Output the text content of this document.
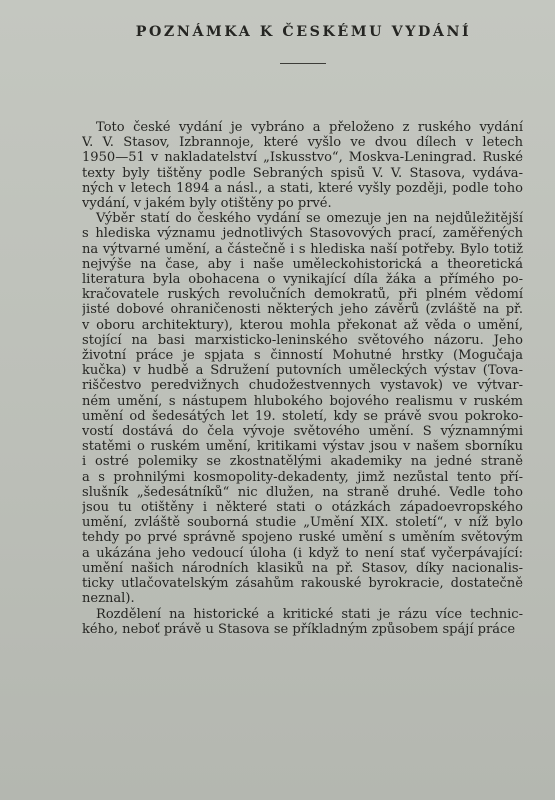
POZNÁMKA K ČESKÉMU VYDÁNÍ

Toto české vydání je vybráno a přeloženo z ruského vydání
V. V. Stasov, Izbrannoje, které vyšlo ve dvou dílech v letech
1950—51 v nakladatelství „Iskusstvo“, Moskva-Leningrad. Ruské
texty byly tištěny podle Sebraných spisů V. V. Stasova, vydáva-
ných v letech 1894 a násl., a stati, které vyšly později, podle toho
vydání, v jakém byly otištěny po prvé.

Výběr statí do českého vydání se omezuje jen na nejdůležitější
s hlediska významu jednotlivých Stasovových prací, zaměřených
na výtvarné umění, a částečně i s hlediska naší potřeby. Bylo totiž
nejvýše na čase, aby i naše uměleckohistorická a theoretická
literatura byla obohacena o vynikající díla žáka a přímého po-
kračovatele ruských revolučních demokratů, při plném vědomí
jisté dobové ohraničenosti některých jeho závěrů (zvláště na př.
v oboru architektury), kterou mohla překonat až věda o umění,
stojící na basi marxisticko-leninského světového názoru. Jeho
životní práce je spjata s činností Mohutné hrstky (Mogučaja
kučka) v hudbě a Sdružení putovních uměleckých výstav (Tova-
riščestvo peredvižnych chudožestvennych vystavok) ve výtvar-
ném umění, s nástupem hlubokého bojového realismu v ruském
umění od šedesátých let 19. století, kdy se právě svou pokroko-
vostí dostává do čela vývoje světového umění. S významnými
statěmi o ruském umění, kritikami výstav jsou v našem sborníku
i ostré polemiky se zkostnatělými akademiky na jedné straně
a s prohnilými kosmopolity-dekadenty, jimž nezůstal tento pří-
slušník „šedesátníků“ nic dlužen, na straně druhé. Vedle toho
jsou tu otištěny i některé stati o otázkách západoevropského
umění, zvláště souborná studie „Umění XIX. století“, v níž bylo
tehdy po prvé správně spojeno ruské umění s uměním světovým
a ukázána jeho vedoucí úloha (i když to není stať vyčerpávající:
umění našich národních klasiků na př. Stasov, díky nacionalis-
ticky utlačovatelským zásahům rakouské byrokracie, dostatečně
neznal).

Rozdělení na historické a kritické stati je rázu více technic-
kého, neboť právě u Stasova se příkladným způsobem spájí práce
